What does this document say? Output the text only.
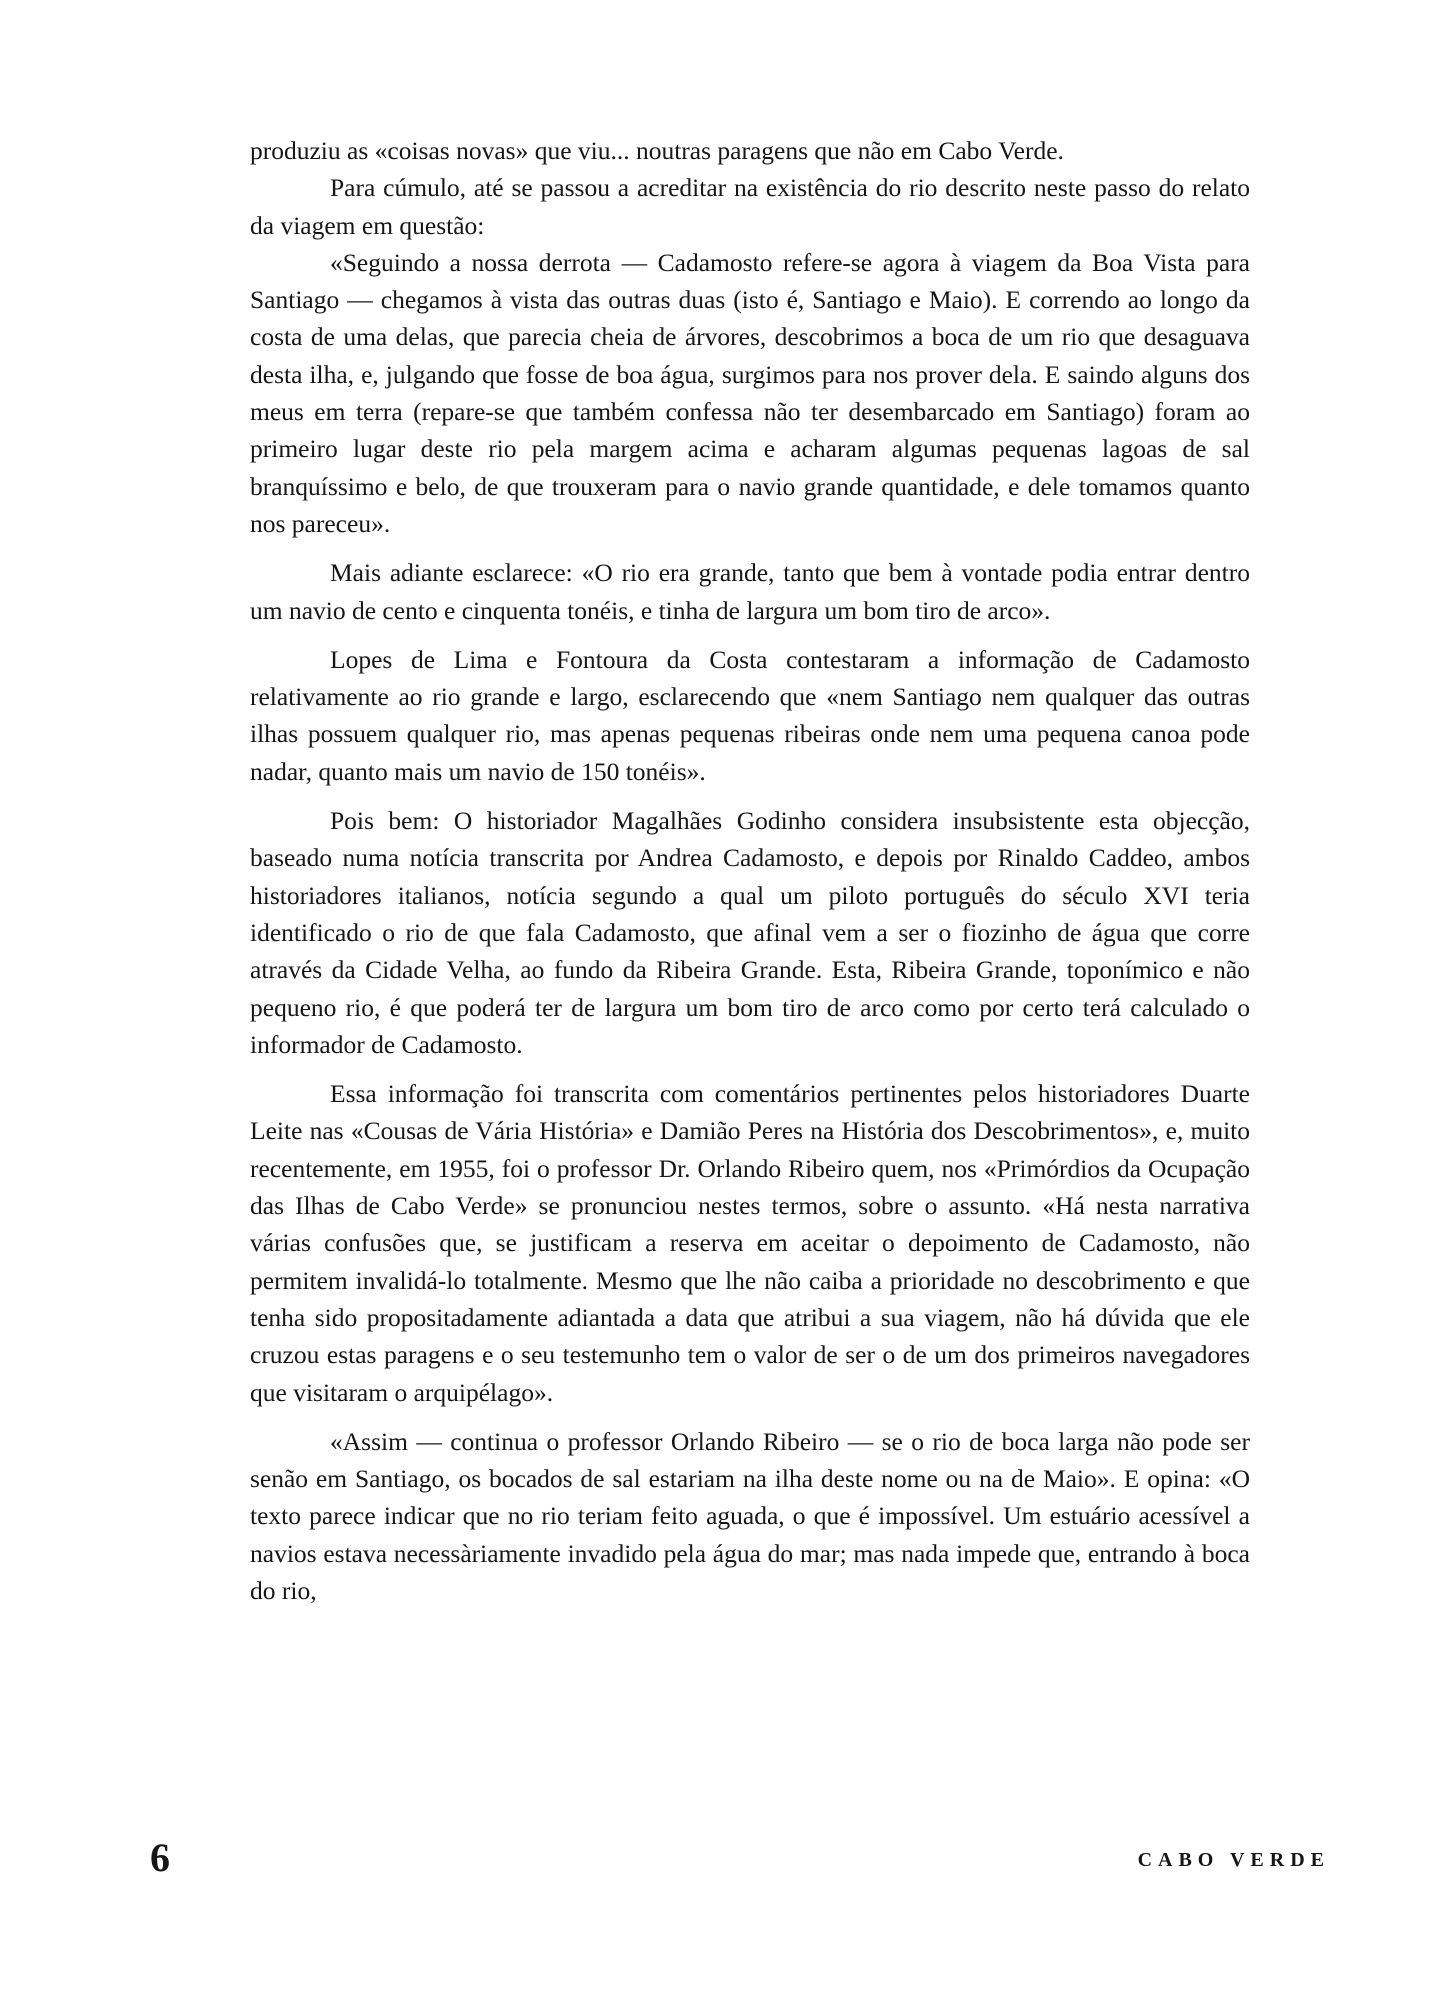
produziu as «coisas novas» que viu... noutras paragens que não em Cabo Verde.

Para cúmulo, até se passou a acreditar na existência do rio descrito neste passo do relato da viagem em questão:

«Seguindo a nossa derrota — Cadamosto refere-se agora à viagem da Boa Vista para Santiago — chegamos à vista das outras duas (isto é, Santiago e Maio). E correndo ao longo da costa de uma delas, que parecia cheia de árvores, descobrimos a boca de um rio que desaguava desta ilha, e, julgando que fosse de boa água, surgimos para nos prover dela. E saindo alguns dos meus em terra (repare-se que também confessa não ter desembarcado em Santiago) foram ao primeiro lugar deste rio pela margem acima e acharam algumas pequenas lagoas de sal branquíssimo e belo, de que trouxeram para o navio grande quantidade, e dele tomamos quanto nos pareceu».

Mais adiante esclarece: «O rio era grande, tanto que bem à vontade podia entrar dentro um navio de cento e cinquenta tonéis, e tinha de largura um bom tiro de arco».

Lopes de Lima e Fontoura da Costa contestaram a informação de Cadamosto relativamente ao rio grande e largo, esclarecendo que «nem Santiago nem qualquer das outras ilhas possuem qualquer rio, mas apenas pequenas ribeiras onde nem uma pequena canoa pode nadar, quanto mais um navio de 150 tonéis».

Pois bem: O historiador Magalhães Godinho considera insubsistente esta objecção, baseado numa notícia transcrita por Andrea Cadamosto, e depois por Rinaldo Caddeo, ambos historiadores italianos, notícia segundo a qual um piloto português do século XVI teria identificado o rio de que fala Cadamosto, que afinal vem a ser o fiozinho de água que corre através da Cidade Velha, ao fundo da Ribeira Grande. Esta, Ribeira Grande, toponímico e não pequeno rio, é que poderá ter de largura um bom tiro de arco como por certo terá calculado o informador de Cadamosto.

Essa informação foi transcrita com comentários pertinentes pelos historiadores Duarte Leite nas «Cousas de Vária História» e Damião Peres na História dos Descobrimentos», e, muito recentemente, em 1955, foi o professor Dr. Orlando Ribeiro quem, nos «Primórdios da Ocupação das Ilhas de Cabo Verde» se pronunciou nestes termos, sobre o assunto. «Há nesta narrativa várias confusões que, se justificam a reserva em aceitar o depoimento de Cadamosto, não permitem invalidá-lo totalmente. Mesmo que lhe não caiba a prioridade no descobrimento e que tenha sido propositadamente adiantada a data que atribui a sua viagem, não há dúvida que ele cruzou estas paragens e o seu testemunho tem o valor de ser o de um dos primeiros navegadores que visitaram o arquipélago».

«Assim — continua o professor Orlando Ribeiro — se o rio de boca larga não pode ser senão em Santiago, os bocados de sal estariam na ilha deste nome ou na de Maio». E opina: «O texto parece indicar que no rio teriam feito aguada, o que é impossível. Um estuário acessível a navios estava necessàriamente invadido pela água do mar; mas nada impede que, entrando à boca do rio,

6	CABO VERDE
